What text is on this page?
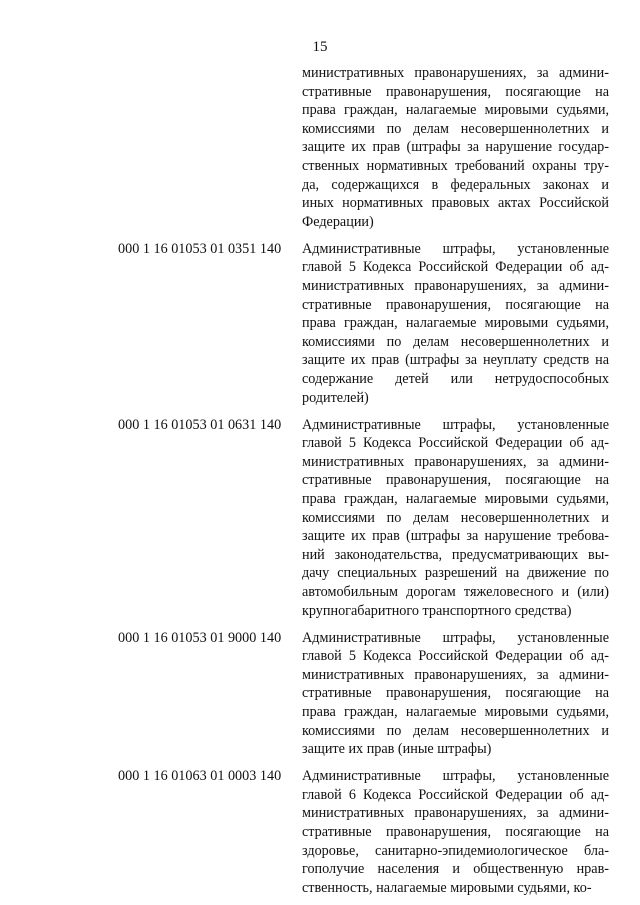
15
министративных правонарушениях, за админи-
стративные правонарушения, посягающие на
права граждан, налагаемые мировыми судьями,
комиссиями по делам несовершеннолетних и
защите их прав (штрафы за нарушение государ-
ственных нормативных требований охраны тру-
да, содержащихся в федеральных законах и
иных нормативных правовых актах Российской
Федерации)
000 1 16 01053 01 0351 140 Административные штрафы, установленные
главой 5 Кодекса Российской Федерации об ад-
министративных правонарушениях, за админи-
стративные правонарушения, посягающие на
права граждан, налагаемые мировыми судьями,
комиссиями по делам несовершеннолетних и
защите их прав (штрафы за неуплату средств на
содержание детей или нетрудоспособных
родителей)
000 1 16 01053 01 0631 140 Административные штрафы, установленные
главой 5 Кодекса Российской Федерации об ад-
министративных правонарушениях, за админи-
стративные правонарушения, посягающие на
права граждан, налагаемые мировыми судьями,
комиссиями по делам несовершеннолетних и
защите их прав (штрафы за нарушение требова-
ний законодательства, предусматривающих вы-
дачу специальных разрешений на движение по
автомобильным дорогам тяжеловесного и (или)
крупногабаритного транспортного средства)
000 1 16 01053 01 9000 140 Административные штрафы, установленные
главой 5 Кодекса Российской Федерации об ад-
министративных правонарушениях, за админи-
стративные правонарушения, посягающие на
права граждан, налагаемые мировыми судьями,
комиссиями по делам несовершеннолетних и
защите их прав (иные штрафы)
000 1 16 01063 01 0003 140 Административные штрафы, установленные
главой 6 Кодекса Российской Федерации об ад-
министративных правонарушениях, за админи-
стративные правонарушения, посягающие на
здоровье, санитарно-эпидемиологическое бла-
гополучие населения и общественную нрав-
ственность, налагаемые мировыми судьями, ко-
